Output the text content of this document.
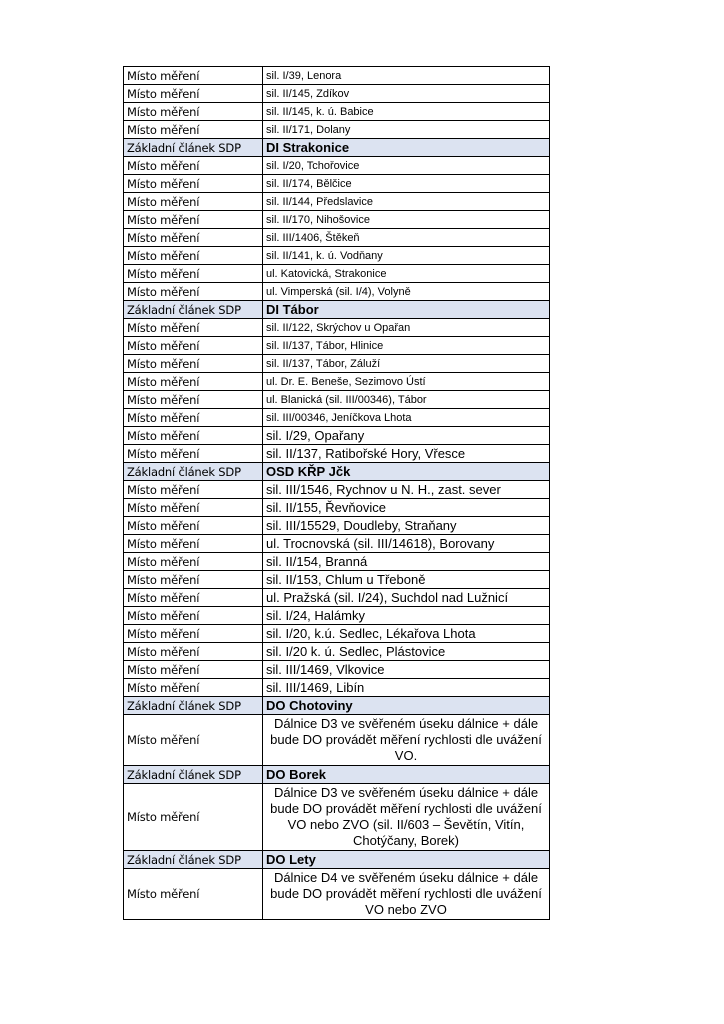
Místo měření	sil. I/39, Lenora
Místo měření	sil. II/145, Zdíkov
Místo měření	sil. II/145, k. ú. Babice
Místo měření	sil. II/171, Dolany
Základní článek SDP	DI Strakonice
Místo měření	sil. I/20, Tchořovice
Místo měření	sil. II/174, Bělčice
Místo měření	sil. II/144, Předslavice
Místo měření	sil. II/170, Nihošovice
Místo měření	sil. III/1406, Štěkeň
Místo měření	sil. II/141, k. ú. Vodňany
Místo měření	ul. Katovická, Strakonice
Místo měření	ul. Vimperská (sil. I/4), Volyně
Základní článek SDP	DI Tábor
Místo měření	sil. II/122, Skrýchov u Opařan
Místo měření	sil. II/137, Tábor, Hlinice
Místo měření	sil. II/137, Tábor, Záluží
Místo měření	ul. Dr. E. Beneše, Sezimovo Ústí
Místo měření	ul. Blanická (sil. III/00346), Tábor
Místo měření	sil. III/00346, Jeníčkova Lhota
Místo měření	sil. I/29, Opařany
Místo měření	sil. II/137, Ratibořské Hory, Vřesce
Základní článek SDP	OSD KŘP Jčk
Místo měření	sil. III/1546, Rychnov u N. H., zast. sever
Místo měření	sil. II/155, Řevňovice
Místo měření	sil. III/15529, Doudleby, Straňany
Místo měření	ul. Trocnovská (sil. III/14618), Borovany
Místo měření	sil. II/154, Branná
Místo měření	sil. II/153, Chlum u Třeboně
Místo měření	ul. Pražská (sil. I/24), Suchdol nad Lužnicí
Místo měření	sil. I/24, Halámky
Místo měření	sil. I/20, k.ú. Sedlec, Lékařova Lhota
Místo měření	sil. I/20 k. ú. Sedlec, Plástovice
Místo měření	sil. III/1469, Vlkovice
Místo měření	sil. III/1469, Libín
Základní článek SDP	DO Chotoviny
Místo měření	Dálnice D3 ve svěřeném úseku dálnice + dále bude DO provádět měření rychlosti dle uvážení VO.
Základní článek SDP	DO Borek
Místo měření	Dálnice D3 ve svěřeném úseku dálnice + dále bude DO provádět měření rychlosti dle uvážení VO nebo ZVO (sil. II/603 – Ševětín, Vitín, Chotýčany, Borek)
Základní článek SDP	DO Lety
Místo měření	Dálnice D4 ve svěřeném úseku dálnice + dále bude DO provádět měření rychlosti dle uvážení VO nebo ZVO
